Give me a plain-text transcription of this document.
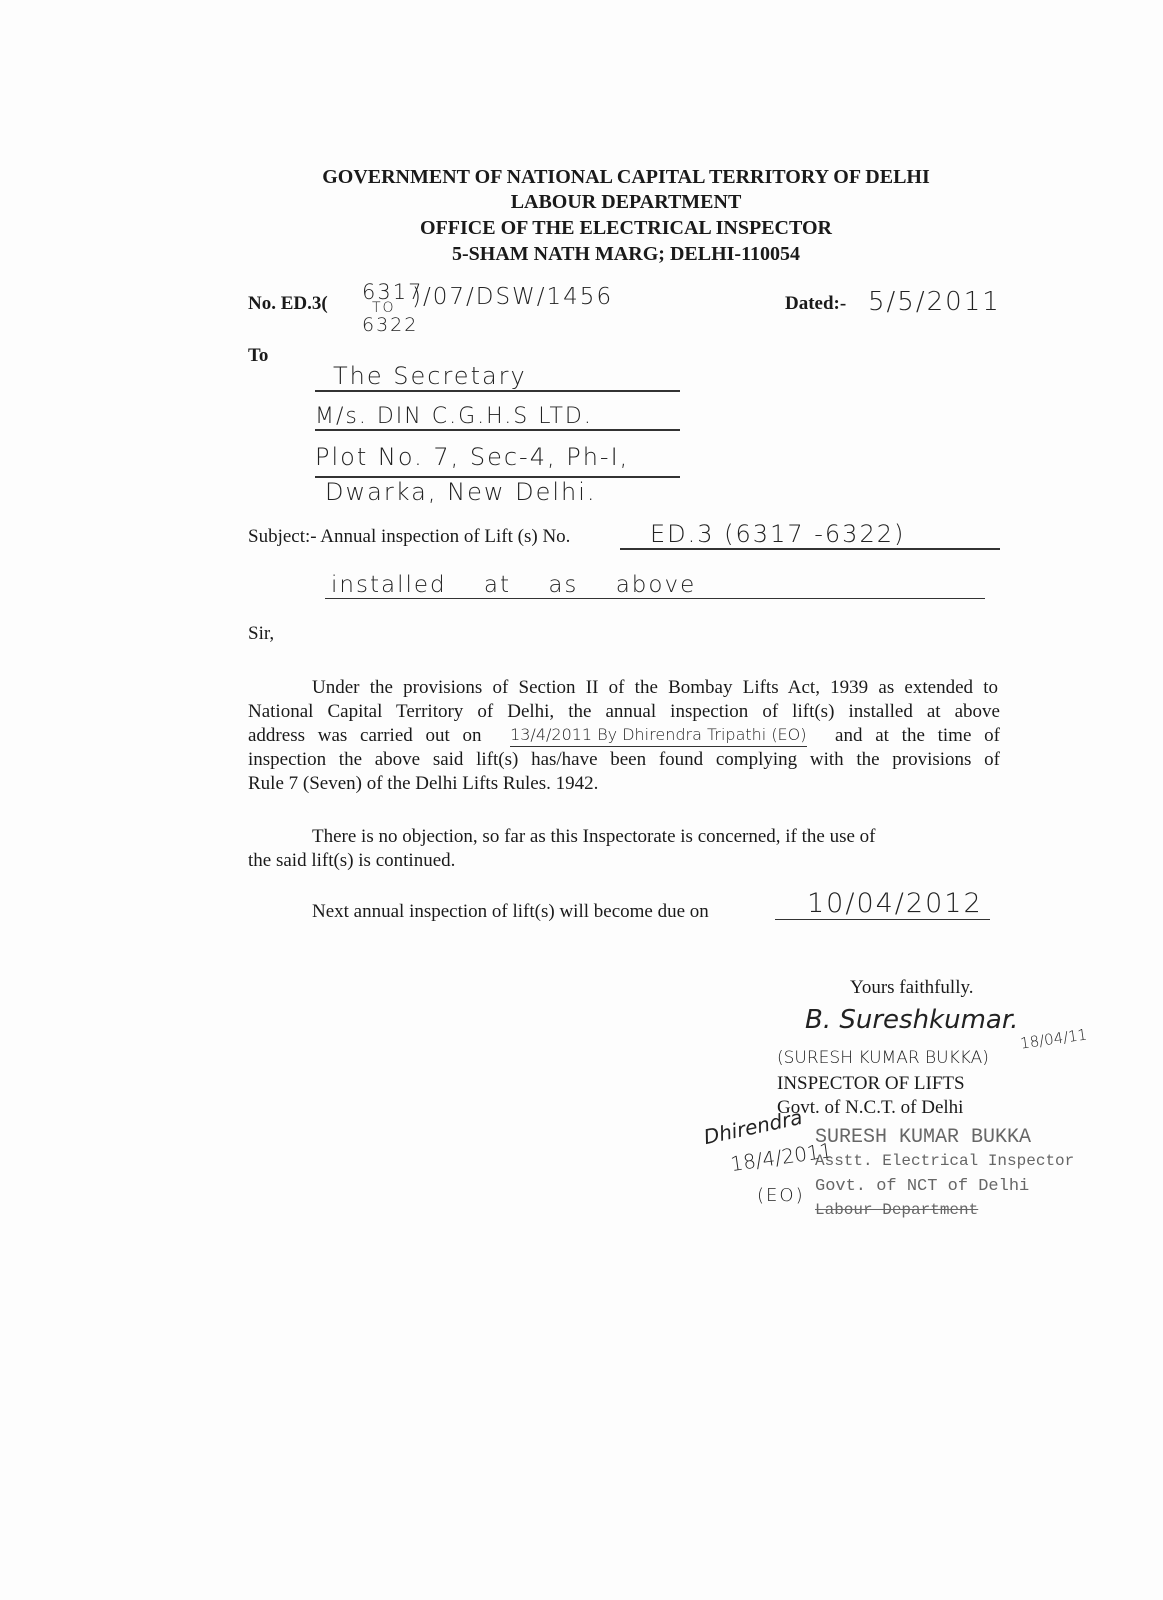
GOVERNMENT OF NATIONAL CAPITAL TERRITORY OF DELHI
LABOUR DEPARTMENT
OFFICE OF THE ELECTRICAL INSPECTOR
5-SHAM NATH MARG; DELHI-110054
No. ED.3( 6317
TO
6322
)/07/DSW/1456	Dated:- 5/5/2011
To
The Secretary
M/s. DIN C.G.H.S LTD.
Plot No. 7, Sec-4, Ph-I,
Dwarka, New Delhi.
Subject:- Annual inspection of Lift (s) No.	ED.3 (6317 -6322)
installed at as above
Sir,
Under the provisions of Section II of the Bombay Lifts Act, 1939 as extended to
National Capital Territory of Delhi, the annual inspection of lift(s) installed at above
address was carried out on 13/4/2011 By Dhirendra Tripathi (EO) and at the time of
inspection the above said lift(s) has/have been found complying with the provisions of
Rule 7 (Seven) of the Delhi Lifts Rules. 1942.
There is no objection, so far as this Inspectorate is concerned, if the use of
the said lift(s) is continued.
Next annual inspection of lift(s) will become due on	10/04/2012
Yours faithfully.
B. Sureshkumar.
18/04/11
(SURESH KUMAR BUKKA)
INSPECTOR OF LIFTS
Govt. of N.C.T. of Delhi
SURESH KUMAR BUKKA
Asstt. Electrical Inspector
Govt. of NCT of Delhi
Labour Department
Dhirendra
18/4/2011
(EO)
